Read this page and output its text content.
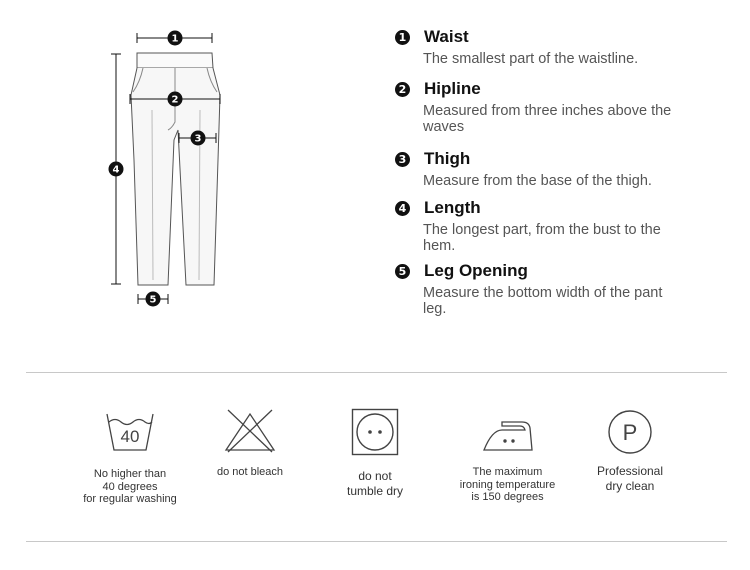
1
2
3
4
5
1 Waist
The smallest part of the waistline.
2 Hipline
Measured from three inches above the waves
3 Thigh
Measure from the base of the thigh.
4 Length
The longest part, from the bust to the hem.
5 Leg Opening
Measure the bottom width of the pant leg.
40
No higher than
40 degrees
for regular washing
do not bleach	do not
tumble dry
The maximum
ironing temperature
is 150 degrees
P
Professional
dry clean
